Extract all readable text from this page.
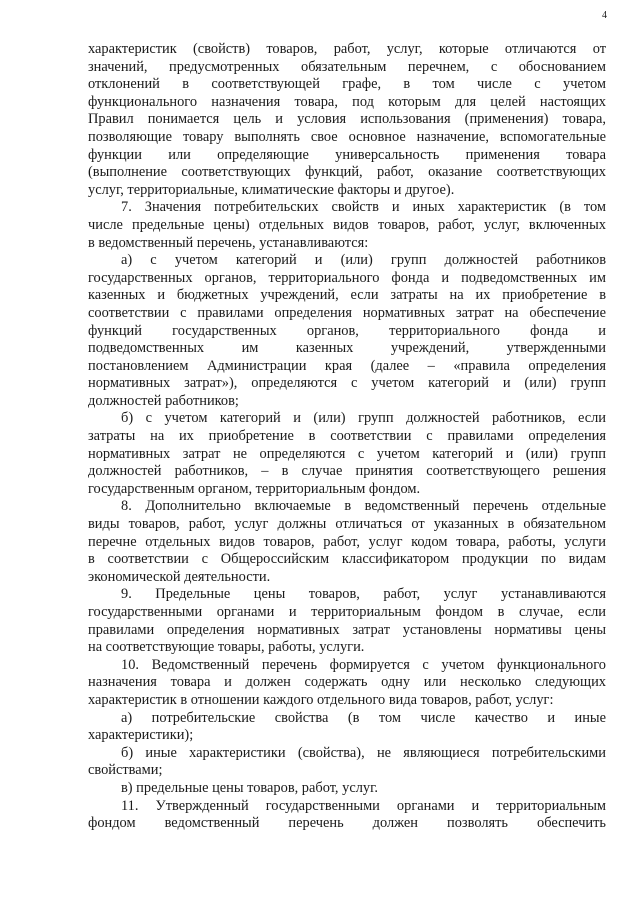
4
характеристик (свойств) товаров, работ, услуг, которые отличаются от
значений, предусмотренных обязательным перечнем, с обоснованием
отклонений в соответствующей графе, в том числе с учетом
функционального назначения товара, под которым для целей настоящих
Правил понимается цель и условия использования (применения) товара,
позволяющие товару выполнять свое основное назначение, вспомогательные
функции или определяющие универсальность применения товара
(выполнение соответствующих функций, работ, оказание соответствующих
услуг, территориальные, климатические факторы и другое).
7. Значения потребительских свойств и иных характеристик (в том
числе предельные цены) отдельных видов товаров, работ, услуг, включенных
в ведомственный перечень, устанавливаются:
а) с учетом категорий и (или) групп должностей работников
государственных органов, территориального фонда и подведомственных им
казенных и бюджетных учреждений, если затраты на их приобретение в
соответствии с правилами определения нормативных затрат на обеспечение
функций государственных органов, территориального фонда и
подведомственных им казенных учреждений, утвержденными
постановлением Администрации края (далее – «правила определения
нормативных затрат»), определяются с учетом категорий и (или) групп
должностей работников;
б) с учетом категорий и (или) групп должностей работников, если
затраты на их приобретение в соответствии с правилами определения
нормативных затрат не определяются с учетом категорий и (или) групп
должностей работников, – в случае принятия соответствующего решения
государственным органом, территориальным фондом.
8. Дополнительно включаемые в ведомственный перечень отдельные
виды товаров, работ, услуг должны отличаться от указанных в обязательном
перечне отдельных видов товаров, работ, услуг кодом товара, работы, услуги
в соответствии с Общероссийским классификатором продукции по видам
экономической деятельности.
9. Предельные цены товаров, работ, услуг устанавливаются
государственными органами и территориальным фондом в случае, если
правилами определения нормативных затрат установлены нормативы цены
на соответствующие товары, работы, услуги.
10. Ведомственный перечень формируется с учетом функционального
назначения товара и должен содержать одну или несколько следующих
характеристик в отношении каждого отдельного вида товаров, работ, услуг:
а) потребительские свойства (в том числе качество и иные
характеристики);
б) иные характеристики (свойства), не являющиеся потребительскими
свойствами;
в) предельные цены товаров, работ, услуг.
11. Утвержденный государственными органами и территориальным
фондом ведомственный перечень должен позволять обеспечить
